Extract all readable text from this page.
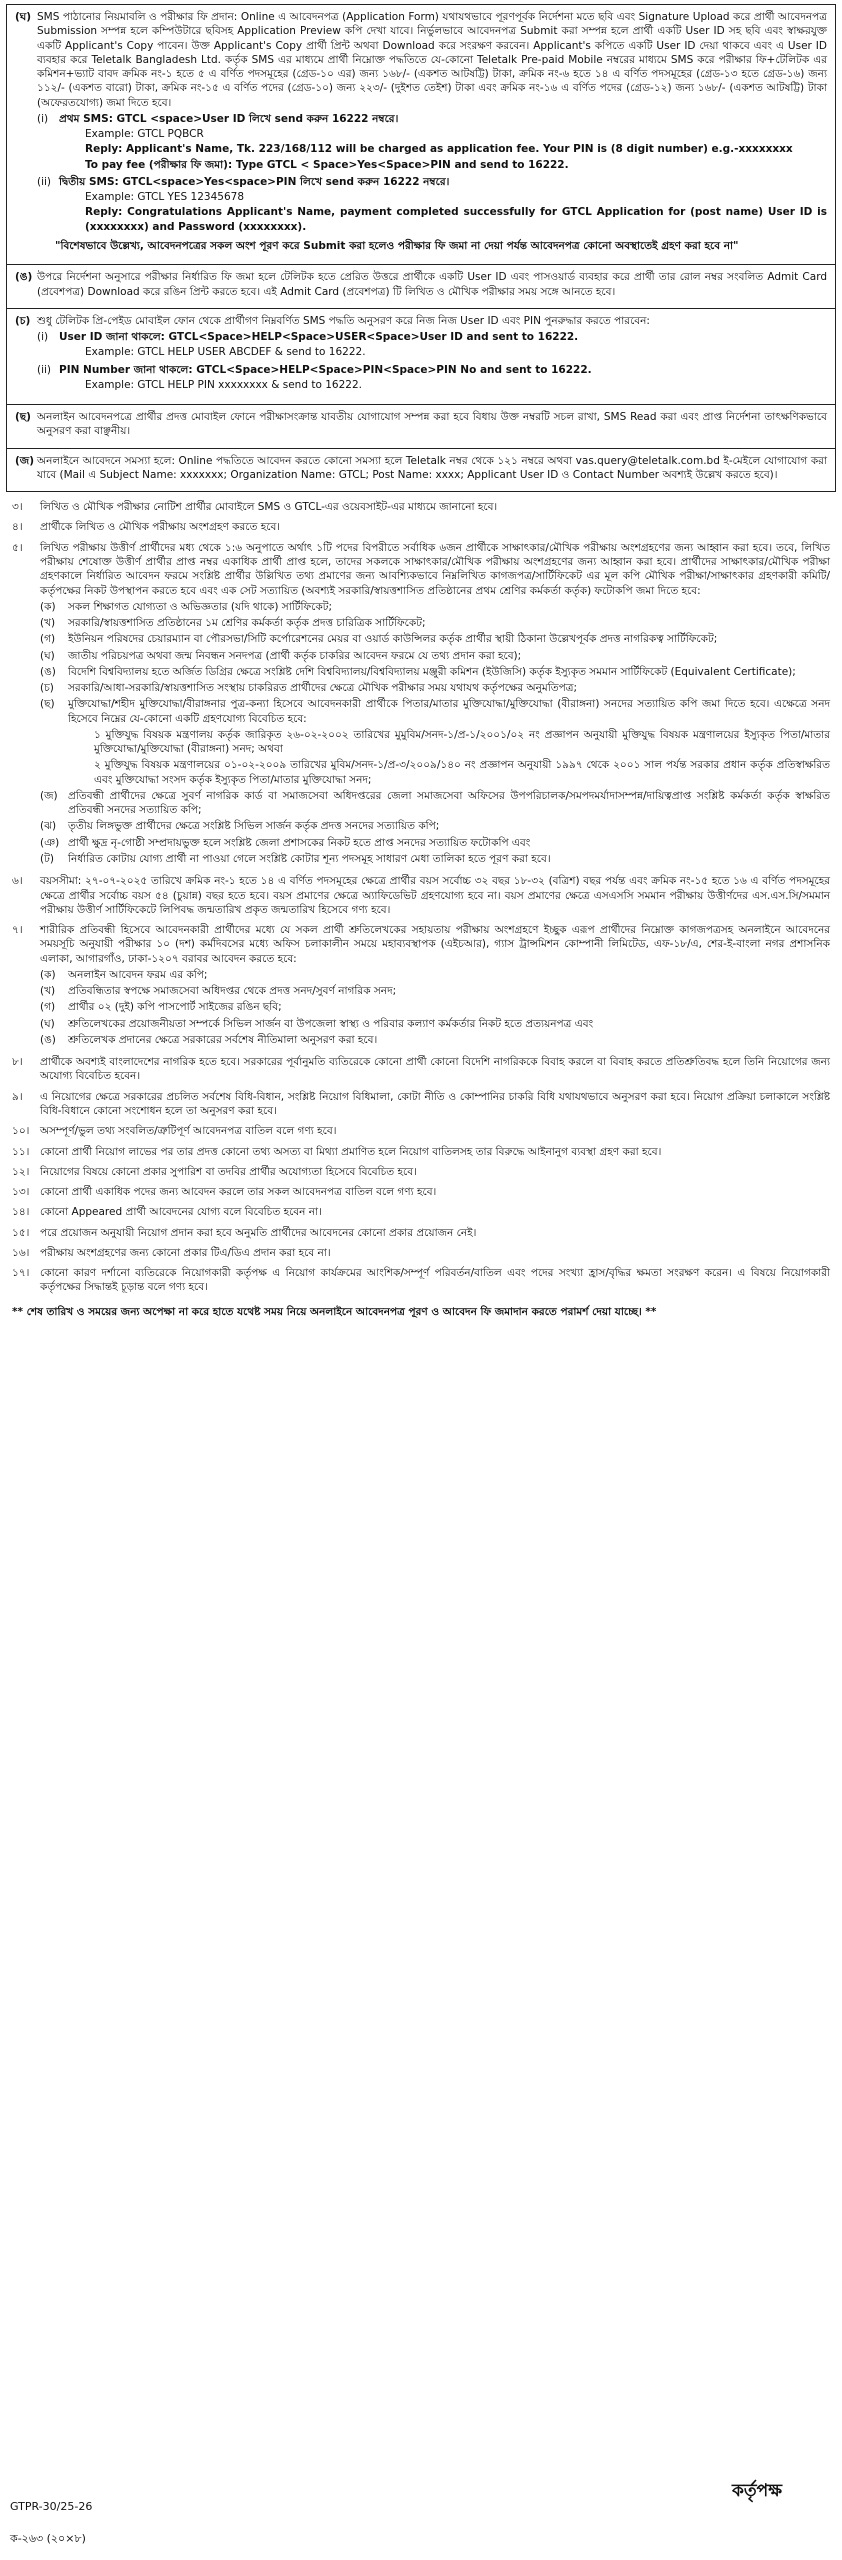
(ঘ) SMS পাঠানোর নিয়মাবলি ও পরীক্ষার ফি প্রদান: Online এ আবেদনপত্র (Application Form) যথাযথভাবে পূরণপূর্বক নির্দেশনা মতে ছবি এবং Signature Upload করে প্রার্থী আবেদনপত্র Submission সম্পন্ন হলে কম্পিউটারে ছবিসহ Application Preview কপি দেখা যাবে। নির্ভুলভাবে আবেদনপত্র Submit করা সম্পন্ন হলে প্রার্থী একটি User ID সহ ছবি এবং স্বাক্ষরযুক্ত একটি Applicant's Copy পাবেন। উক্ত Applicant's Copy প্রার্থী প্রিন্ট অথবা Download করে সংরক্ষণ করবেন। Applicant's কপিতে একটি User ID দেয়া থাকবে এবং এ User ID ব্যবহার করে Teletalk Bangladesh Ltd. কর্তৃক SMS এর মাধ্যমে প্রার্থী নিম্নোক্ত পদ্ধতিতে যে-কোনো Teletalk Pre-paid Mobile নম্বরের মাধ্যমে SMS করে পরীক্ষার ফি+টেলিটক এর কমিশন+ভ্যাট বাবদ ক্রমিক নং-১ হতে ৫ এ বর্ণিত পদসমূহের (গ্রেড-১০ এর) জন্য ১৬৮/- (একশত আটষট্টি) টাকা, ক্রমিক নং-৬ হতে ১৪ এ বর্ণিত পদসমূহের (গ্রেড-১৩ হতে গ্রেড-১৬) জন্য ১১২/- (একশত বারো) টাকা, ক্রমিক নং-১৫ এ বর্ণিত পদের (গ্রেড-১০) জন্য ২২৩/- (দুইশত তেইশ) টাকা এবং ক্রমিক নং-১৬ এ বর্ণিত পদের (গ্রেড-১২) জন্য ১৬৮/- (একশত আটষট্টি) টাকা (অফেরতযোগ্য) জমা দিতে হবে।
(i)	প্রথম SMS: GTCL <space>User ID লিখে send করুন 16222 নম্বরে।
Example: GTCL PQBCR
Reply: Applicant's Name, Tk. 223/168/112 will be charged as application fee. Your PIN is (8 digit number) e.g.-xxxxxxxx
To pay fee (পরীক্ষার ফি জমা): Type GTCL < Space>Yes<Space>PIN and send to 16222.
(ii) দ্বিতীয় SMS: GTCL<space>Yes<space>PIN লিখে send করুন 16222 নম্বরে।
Example: GTCL YES 12345678
Reply: Congratulations Applicant's Name, payment completed successfully for GTCL Application for (post name) User ID is (xxxxxxxx) and Password (xxxxxxxx).
"বিশেষভাবে উল্লেখ্য, আবেদনপত্রের সকল অংশ পূরণ করে Submit করা হলেও পরীক্ষার ফি জমা না দেয়া পর্যন্ত আবেদনপত্র কোনো অবস্থাতেই গ্রহণ করা হবে না"
(ঙ) উপরে নির্দেশনা অনুসারে পরীক্ষার নির্ধারিত ফি জমা হলে টেলিটক হতে প্রেরিত উত্তরে প্রার্থীকে একটি User ID এবং পাসওয়ার্ড ব্যবহার করে প্রার্থী তার রোল নম্বর সংবলিত Admit Card (প্রবেশপত্র) Download করে রঙিন প্রিন্ট করতে হবে। এই Admit Card (প্রবেশপত্র) টি লিখিত ও মৌখিক পরীক্ষার সময় সঙ্গে আনতে হবে।
(চ) শুধু টেলিটক প্রি-পেইড মোবাইল ফোন থেকে প্রার্থীগণ নিম্নবর্ণিত SMS পদ্ধতি অনুসরণ করে নিজ নিজ User ID এবং PIN পুনরুদ্ধার করতে পারবেন:
(i)	User ID জানা থাকলে: GTCL<Space>HELP<Space>USER<Space>User ID and sent to 16222.
Example: GTCL HELP USER ABCDEF & send to 16222.
(ii) PIN Number জানা থাকলে: GTCL<Space>HELP<Space>PIN<Space>PIN No and sent to 16222.
Example: GTCL HELP PIN xxxxxxxx & send to 16222.
(ছ) অনলাইন আবেদনপত্রে প্রার্থীর প্রদত্ত মোবাইল ফোনে পরীক্ষাসংক্রান্ত যাবতীয় যোগাযোগ সম্পন্ন করা হবে বিধায় উক্ত নম্বরটি সচল রাখা, SMS Read করা এবং প্রাপ্ত নির্দেশনা তাৎক্ষণিকভাবে অনুসরণ করা বাঞ্ছনীয়।
(জ) অনলাইনে আবেদনে সমস্যা হলে: Online পদ্ধতিতে আবেদন করতে কোনো সমস্যা হলে Teletalk নম্বর থেকে ১২১ নম্বরে অথবা vas.query@teletalk.com.bd ই-মেইলে যোগাযোগ করা যাবে (Mail এ Subject Name: xxxxxxx; Organization Name: GTCL; Post Name: xxxx; Applicant User ID ও Contact Number অবশ্যই উল্লেখ করতে হবে)।
৩।	লিখিত ও মৌখিক পরীক্ষার নোটিশ প্রার্থীর মোবাইলে SMS ও GTCL-এর ওয়েবসাইট-এর মাধ্যমে জানানো হবে।
৪।	প্রার্থীকে লিখিত ও মৌখিক পরীক্ষায় অংশগ্রহণ করতে হবে।
৫।	লিখিত পরীক্ষায় উত্তীর্ণ প্রার্থীদের মধ্য থেকে ১:৬ অনুপাতে অর্থাৎ ১টি পদের বিপরীতে সর্বাধিক ৬জন প্রার্থীকে সাক্ষাৎকার/মৌখিক পরীক্ষায় অংশগ্রহণের জন্য আহ্বান করা হবে। তবে, লিখিত পরীক্ষায় শেষোক্ত উত্তীর্ণ প্রার্থীর প্রাপ্ত নম্বর একাধিক প্রার্থী প্রাপ্ত হলে, তাদের সকলকে সাক্ষাৎকার/মৌখিক পরীক্ষায় অংশগ্রহণের জন্য আহ্বান করা হবে। প্রার্থীদের সাক্ষাৎকার/মৌখিক পরীক্ষা গ্রহণকালে নির্ধারিত আবেদন ফরমে সংশ্লিষ্ট প্রার্থীর উল্লিখিত তথ্য প্রমাণের জন্য আবশ্যিকভাবে নিম্নলিখিত কাগজপত্র/সার্টিফিকেট এর মূল কপি মৌখিক পরীক্ষা/সাক্ষাৎকার গ্রহণকারী কমিটি/কর্তৃপক্ষের নিকট উপস্থাপন করতে হবে এবং এক সেট সত্যায়িত (অবশ্যই সরকারি/স্বায়ত্তশাসিত প্রতিষ্ঠানের প্রথম শ্রেণির কর্মকর্তা কর্তৃক) ফটোকপি জমা দিতে হবে:
(ক)	সকল শিক্ষাগত যোগ্যতা ও অভিজ্ঞতার (যদি থাকে) সার্টিফিকেট;
(খ)	সরকারি/স্বায়ত্তশাসিত প্রতিষ্ঠানের ১ম শ্রেণির কর্মকর্তা কর্তৃক প্রদত্ত চারিত্রিক সার্টিফিকেট;
(গ)	ইউনিয়ন পরিষদের চেয়ারম্যান বা পৌরসভা/সিটি কর্পোরেশনের মেয়র বা ওয়ার্ড কাউন্সিলর কর্তৃক প্রার্থীর স্থায়ী ঠিকানা উল্লেখপূর্বক প্রদত্ত নাগরিকত্ব সার্টিফিকেট;
(ঘ)	জাতীয় পরিচয়পত্র অথবা জন্ম নিবন্ধন সনদপত্র (প্রার্থী কর্তৃক চাকরির আবেদন ফরমে যে তথ্য প্রদান করা হবে);
(ঙ)	বিদেশি বিশ্ববিদ্যালয় হতে অর্জিত ডিগ্রির ক্ষেত্রে সংশ্লিষ্ট দেশি বিশ্ববিদ্যালয়/বিশ্ববিদ্যালয় মঞ্জুরী কমিশন (ইউজিসি) কর্তৃক ইস্যুকৃত সমমান সার্টিফিকেট (Equivalent Certificate);
(চ)	সরকারি/আধা-সরকারি/স্বায়ত্তশাসিত সংস্থায় চাকরিরত প্রার্থীদের ক্ষেত্রে মৌখিক পরীক্ষার সময় যথাযথ কর্তৃপক্ষের অনুমতিপত্র;
(ছ)	মুক্তিযোদ্ধা/শহীদ মুক্তিযোদ্ধা/বীরাঙ্গনার পুত্র-কন্যা হিসেবে আবেদনকারী প্রার্থীকে পিতার/মাতার মুক্তিযোদ্ধা/মুক্তিযোদ্ধা (বীরাঙ্গনা) সনদের সত্যায়িত কপি জমা দিতে হবে। এক্ষেত্রে সনদ হিসেবে নিম্নের যে-কোনো একটি গ্রহণযোগ্য বিবেচিত হবে:
১ মুক্তিযুদ্ধ বিষয়ক মন্ত্রণালয় কর্তৃক জারিকৃত ২৬-০২-২০০২ তারিখের মুমুবিম/সনদ-১/প্র-১/২০০১/০২ নং প্রজ্ঞাপন অনুযায়ী মুক্তিযুদ্ধ বিষয়ক মন্ত্রণালয়ের ইস্যুকৃত পিতা/মাতার মুক্তিযোদ্ধা/মুক্তিযোদ্ধা (বীরাঙ্গনা) সনদ; অথবা
২ মুক্তিযুদ্ধ বিষয়ক মন্ত্রণালয়ের ০১-০২-২০০৯ তারিখের মুবিম/সনদ-১/প্র-৩/২০০৯/১৪০ নং প্রজ্ঞাপন অনুযায়ী ১৯৯৭ থেকে ২০০১ সাল পর্যন্ত সরকার প্রধান কর্তৃক প্রতিস্বাক্ষরিত এবং মুক্তিযোদ্ধা সংসদ কর্তৃক ইস্যুকৃত পিতা/মাতার মুক্তিযোদ্ধা সনদ;
(জ) প্রতিবন্ধী প্রার্থীদের ক্ষেত্রে সুবর্ণ নাগরিক কার্ড বা সমাজসেবা অধিদপ্তরের জেলা সমাজসেবা অফিসের উপপরিচালক/সমপদমর্যাদাসম্পন্ন/দায়িত্বপ্রাপ্ত সংশ্লিষ্ট কর্মকর্তা কর্তৃক স্বাক্ষরিত প্রতিবন্ধী সনদের সত্যায়িত কপি;
(ঝ)	তৃতীয় লিঙ্গভুক্ত প্রার্থীদের ক্ষেত্রে সংশ্লিষ্ট সিভিল সার্জন কর্তৃক প্রদত্ত সনদের সত্যায়িত কপি;
(ঞ) প্রার্থী ক্ষুদ্র নৃ-গোষ্ঠী সম্প্রদায়ভুক্ত হলে সংশ্লিষ্ট জেলা প্রশাসকের নিকট হতে প্রাপ্ত সনদের সত্যায়িত ফটোকপি এবং
(ট)	নির্ধারিত কোটায় যোগ্য প্রার্থী না পাওয়া গেলে সংশ্লিষ্ট কোটার শূন্য পদসমূহ সাধারণ মেধা তালিকা হতে পূরণ করা হবে।
৬।	বয়সসীমা: ২৭-০৭-২০২৫ তারিখে ক্রমিক নং-১ হতে ১৪ এ বর্ণিত পদসমূহের ক্ষেত্রে প্রার্থীর বয়স সর্বোচ্চ ৩২ বছর ১৮-৩২ (বত্রিশ) বছর পর্যন্ত এবং ক্রমিক নং-১৫ হতে ১৬ এ বর্ণিত পদসমূহের ক্ষেত্রে প্রার্থীর সর্বোচ্চ বয়স ৫৪ (চুয়ান্ন) বছর হতে হবে। বয়স প্রমাণের ক্ষেত্রে অ্যাফিডেভিট গ্রহণযোগ্য হবে না। বয়স প্রমাণের ক্ষেত্রে এসএসসি সমমান পরীক্ষায় উত্তীর্ণদের এস.এস.সি/সমমান পরীক্ষায় উত্তীর্ণ সার্টিফিকেটে লিপিবদ্ধ জন্মতারিখ প্রকৃত জন্মতারিখ হিসেবে গণ্য হবে।
৭।	শারীরিক প্রতিবন্ধী হিসেবে আবেদনকারী প্রার্থীদের মধ্যে যে সকল প্রার্থী শ্রুতিলেখকের সহায়তায় পরীক্ষায় অংশগ্রহণে ইচ্ছুক এরূপ প্রার্থীদের নিম্নোক্ত কাগজপত্রসহ অনলাইনে আবেদনের সময়সূচি অনুযায়ী পরীক্ষার ১০ (দশ) কর্মদিবসের মধ্যে অফিস চলাকালীন সময়ে মহাব্যবস্থাপক (এইচআর), গ্যাস ট্রান্সমিশন কোম্পানী লিমিটেড, এফ-১৮/এ, শের-ই-বাংলা নগর প্রশাসনিক এলাকা, আগারগাঁও, ঢাকা-১২০৭ বরাবর আবেদন করতে হবে:
(ক)	অনলাইন আবেদন ফরম এর কপি;
(খ)	প্রতিবন্ধিতার স্বপক্ষে সমাজসেবা অধিদপ্তর থেকে প্রদত্ত সনদ/সুবর্ণ নাগরিক সনদ;
(গ)	প্রার্থীর ০২ (দুই) কপি পাসপোর্ট সাইজের রঙিন ছবি;
(ঘ)	শ্রুতিলেখকের প্রয়োজনীয়তা সম্পর্কে সিভিল সার্জন বা উপজেলা স্বাস্থ্য ও পরিবার কল্যাণ কর্মকর্তার নিকট হতে প্রত্যয়নপত্র এবং
(ঙ)	শ্রুতিলেখক প্রদানের ক্ষেত্রে সরকারের সর্বশেষ নীতিমালা অনুসরণ করা হবে।
৮।	প্রার্থীকে অবশ্যই বাংলাদেশের নাগরিক হতে হবে। সরকারের পূর্বানুমতি ব্যতিরেকে কোনো প্রার্থী কোনো বিদেশি নাগরিককে বিবাহ করলে বা বিবাহ করতে প্রতিশ্রুতিবদ্ধ হলে তিনি নিয়োগের জন্য অযোগ্য বিবেচিত হবেন।
৯।	এ নিয়োগের ক্ষেত্রে সরকারের প্রচলিত সর্বশেষ বিধি-বিধান, সংশ্লিষ্ট নিয়োগ বিধিমালা, কোটা নীতি ও কোম্পানির চাকরি বিধি যথাযথভাবে অনুসরণ করা হবে। নিয়োগ প্রক্রিয়া চলাকালে সংশ্লিষ্ট বিধি-বিধানে কোনো সংশোধন হলে তা অনুসরণ করা হবে।
১০।	অসম্পূর্ণ/ভুল তথ্য সংবলিত/ত্রুটিপূর্ণ আবেদনপত্র বাতিল বলে গণ্য হবে।
১১।	কোনো প্রার্থী নিয়োগ লাভের পর তার প্রদত্ত কোনো তথ্য অসত্য বা মিথ্যা প্রমাণিত হলে নিয়োগ বাতিলসহ তার বিরুদ্ধে আইনানুগ ব্যবস্থা গ্রহণ করা হবে।
১২।	নিয়োগের বিষয়ে কোনো প্রকার সুপারিশ বা তদবির প্রার্থীর অযোগ্যতা হিসেবে বিবেচিত হবে।
১৩।	কোনো প্রার্থী একাধিক পদের জন্য আবেদন করলে তার সকল আবেদনপত্র বাতিল বলে গণ্য হবে।
১৪।	কোনো Appeared প্রার্থী আবেদনের যোগ্য বলে বিবেচিত হবেন না।
১৫।	পরে প্রয়োজন অনুযায়ী নিয়োগ প্রদান করা হবে অনুমতি প্রার্থীদের আবেদনের কোনো প্রকার প্রয়োজন নেই।
১৬।	পরীক্ষায় অংশগ্রহণের জন্য কোনো প্রকার টিএ/ডিএ প্রদান করা হবে না।
১৭।	কোনো কারণ দর্শানো ব্যতিরেকে নিয়োগকারী কর্তৃপক্ষ এ নিয়োগ কার্যক্রমের আংশিক/সম্পূর্ণ পরিবর্তন/বাতিল এবং পদের সংখ্যা হ্রাস/বৃদ্ধির ক্ষমতা সংরক্ষণ করেন। এ বিষয়ে নিয়োগকারী কর্তৃপক্ষের সিদ্ধান্তই চূড়ান্ত বলে গণ্য হবে।
** শেষ তারিখ ও সময়ের জন্য অপেক্ষা না করে হাতে যথেষ্ট সময় নিয়ে অনলাইনে আবেদনপত্র পূরণ ও আবেদন ফি জমাদান করতে পরামর্শ দেয়া যাচ্ছে। **
কর্তৃপক্ষ
GTPR-30/25-26
ক-২৬৩ (২০×৮)
